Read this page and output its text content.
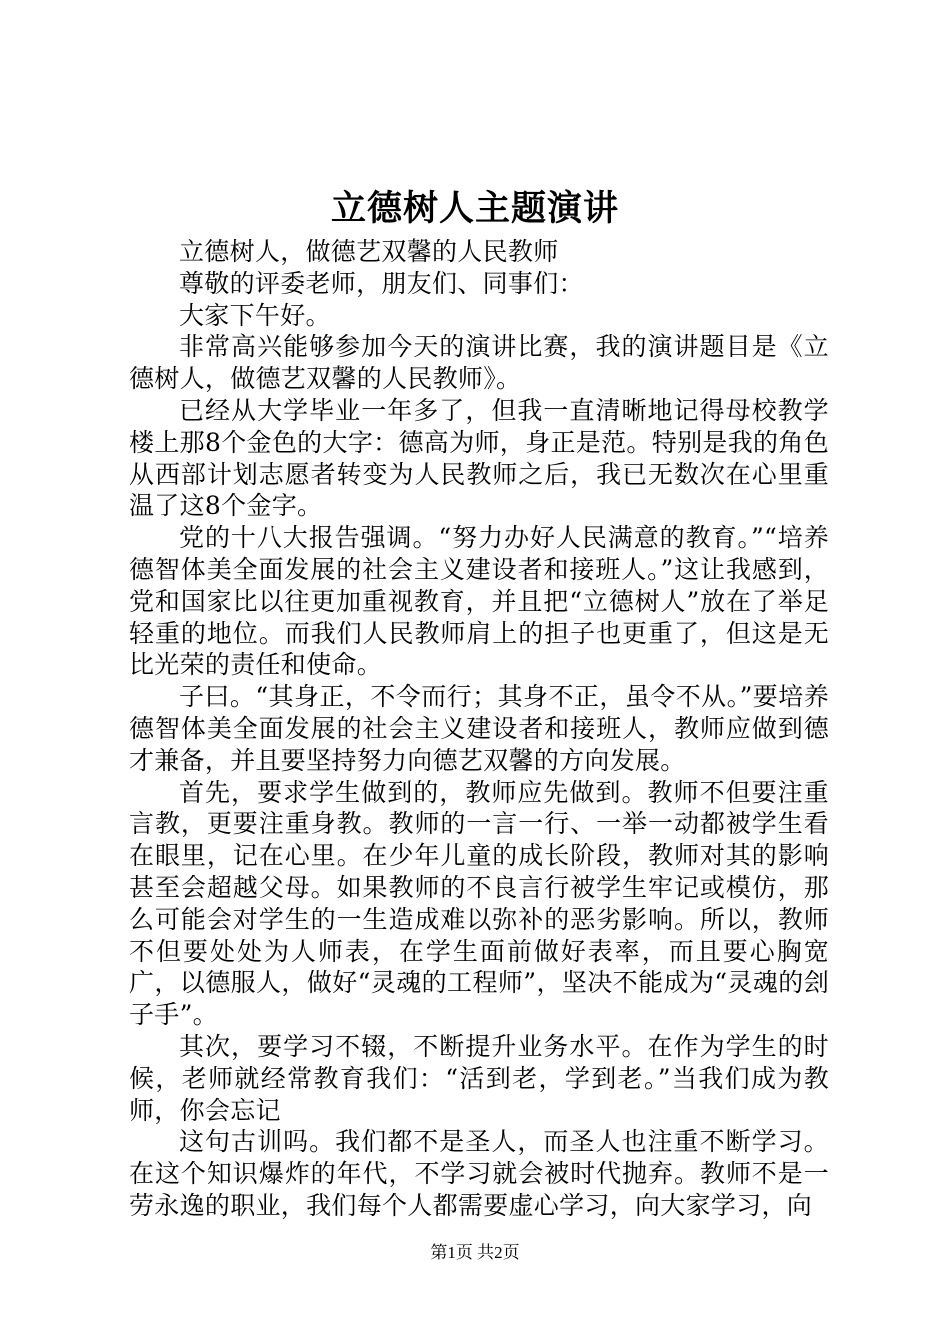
立德树人主题演讲

立德树人，做德艺双馨的人民教师

尊敬的评委老师，朋友们、同事们：

大家下午好。

非常高兴能够参加今天的演讲比赛，我的演讲题目是《立德树人，做德艺双馨的人民教师》。

已经从大学毕业一年多了，但我一直清晰地记得母校教学楼上那8个金色的大字：德高为师，身正是范。特别是我的角色从西部计划志愿者转变为人民教师之后，我已无数次在心里重温了这8个金字。

党的十八大报告强调。“努力办好人民满意的教育。”“培养德智体美全面发展的社会主义建设者和接班人。”这让我感到，党和国家比以往更加重视教育，并且把“立德树人”放在了举足轻重的地位。而我们人民教师肩上的担子也更重了，但这是无比光荣的责任和使命。

子曰。“其身正，不令而行；其身不正，虽令不从。”要培养德智体美全面发展的社会主义建设者和接班人，教师应做到德才兼备，并且要坚持努力向德艺双馨的方向发展。

首先，要求学生做到的，教师应先做到。教师不但要注重言教，更要注重身教。教师的一言一行、一举一动都被学生看在眼里，记在心里。在少年儿童的成长阶段，教师对其的影响甚至会超越父母。如果教师的不良言行被学生牢记或模仿，那么可能会对学生的一生造成难以弥补的恶劣影响。所以，教师不但要处处为人师表，在学生面前做好表率，而且要心胸宽广，以德服人，做好“灵魂的工程师”，坚决不能成为“灵魂的刽子手”。

其次，要学习不辍，不断提升业务水平。在作为学生的时候，老师就经常教育我们：“活到老，学到老。”当我们成为教师，你会忘记

这句古训吗。我们都不是圣人，而圣人也注重不断学习。在这个知识爆炸的年代，不学习就会被时代抛弃。教师不是一劳永逸的职业，我们每个人都需要虚心学习，向大家学习，向

第1页 共2页
